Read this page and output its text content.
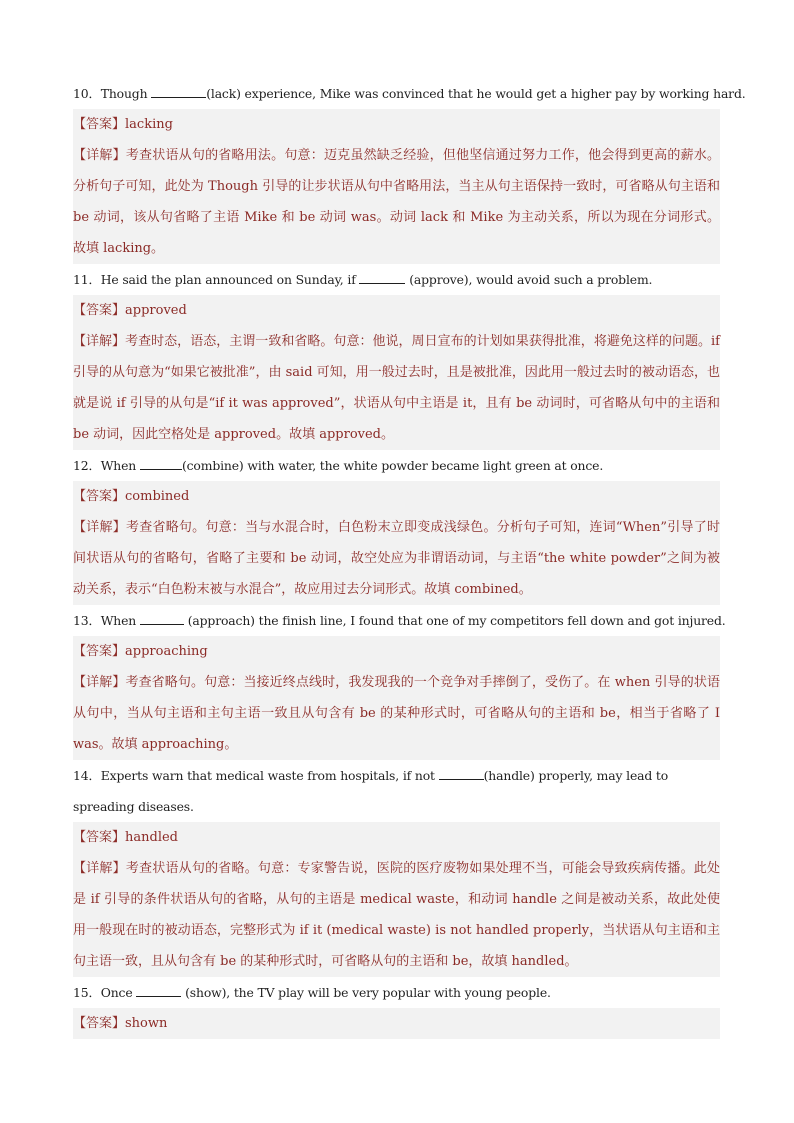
10．Though	(lack) experience, Mike was convinced that he would get a higher pay by working hard.
【答案】lacking
【详解】考查状语从句的省略用法。句意：迈克虽然缺乏经验，但他坚信通过努力工作，他会得到更高的薪水。分析句子可知，此处为 Though 引导的让步状语从句中省略用法，当主从句主语保持一致时，可省略从句主语和 be 动词，该从句省略了主语 Mike 和 be 动词 was。动词 lack 和 Mike 为主动关系，所以为现在分词形式。故填 lacking。
11．He said the plan announced on Sunday, if	(approve), would avoid such a problem.
【答案】approved
【详解】考查时态，语态，主谓一致和省略。句意：他说，周日宣布的计划如果获得批准，将避免这样的问题。if 引导的从句意为“如果它被批准”，由 said 可知，用一般过去时，且是被批准，因此用一般过去时的被动语态，也就是说 if 引导的从句是“if it was approved”，状语从句中主语是 it，且有 be 动词时，可省略从句中的主语和 be 动词，因此空格处是 approved。故填 approved。
12．When	(combine) with water, the white powder became light green at once.
【答案】combined
【详解】考查省略句。句意：当与水混合时，白色粉末立即变成浅绿色。分析句子可知，连词“When”引导了时间状语从句的省略句，省略了主要和 be 动词，故空处应为非谓语动词，与主语“the white powder”之间为被动关系，表示“白色粉末被与水混合”，故应用过去分词形式。故填 combined。
13．When	(approach) the finish line, I found that one of my competitors fell down and got injured.
【答案】approaching
【详解】考查省略句。句意：当接近终点线时，我发现我的一个竞争对手摔倒了，受伤了。在 when 引导的状语从句中，当从句主语和主句主语一致且从句含有 be 的某种形式时，可省略从句的主语和 be，相当于省略了 I was。故填 approaching。
14．Experts warn that medical waste from hospitals, if not	(handle) properly, may lead to spreading diseases.
【答案】handled
【详解】考查状语从句的省略。句意：专家警告说，医院的医疗废物如果处理不当，可能会导致疾病传播。此处是 if 引导的条件状语从句的省略，从句的主语是 medical waste，和动词 handle 之间是被动关系，故此处使用一般现在时的被动语态，完整形式为 if it (medical waste) is not handled properly，当状语从句主语和主句主语一致，且从句含有 be 的某种形式时，可省略从句的主语和 be，故填 handled。
15．Once	(show), the TV play will be very popular with young people.
【答案】shown
